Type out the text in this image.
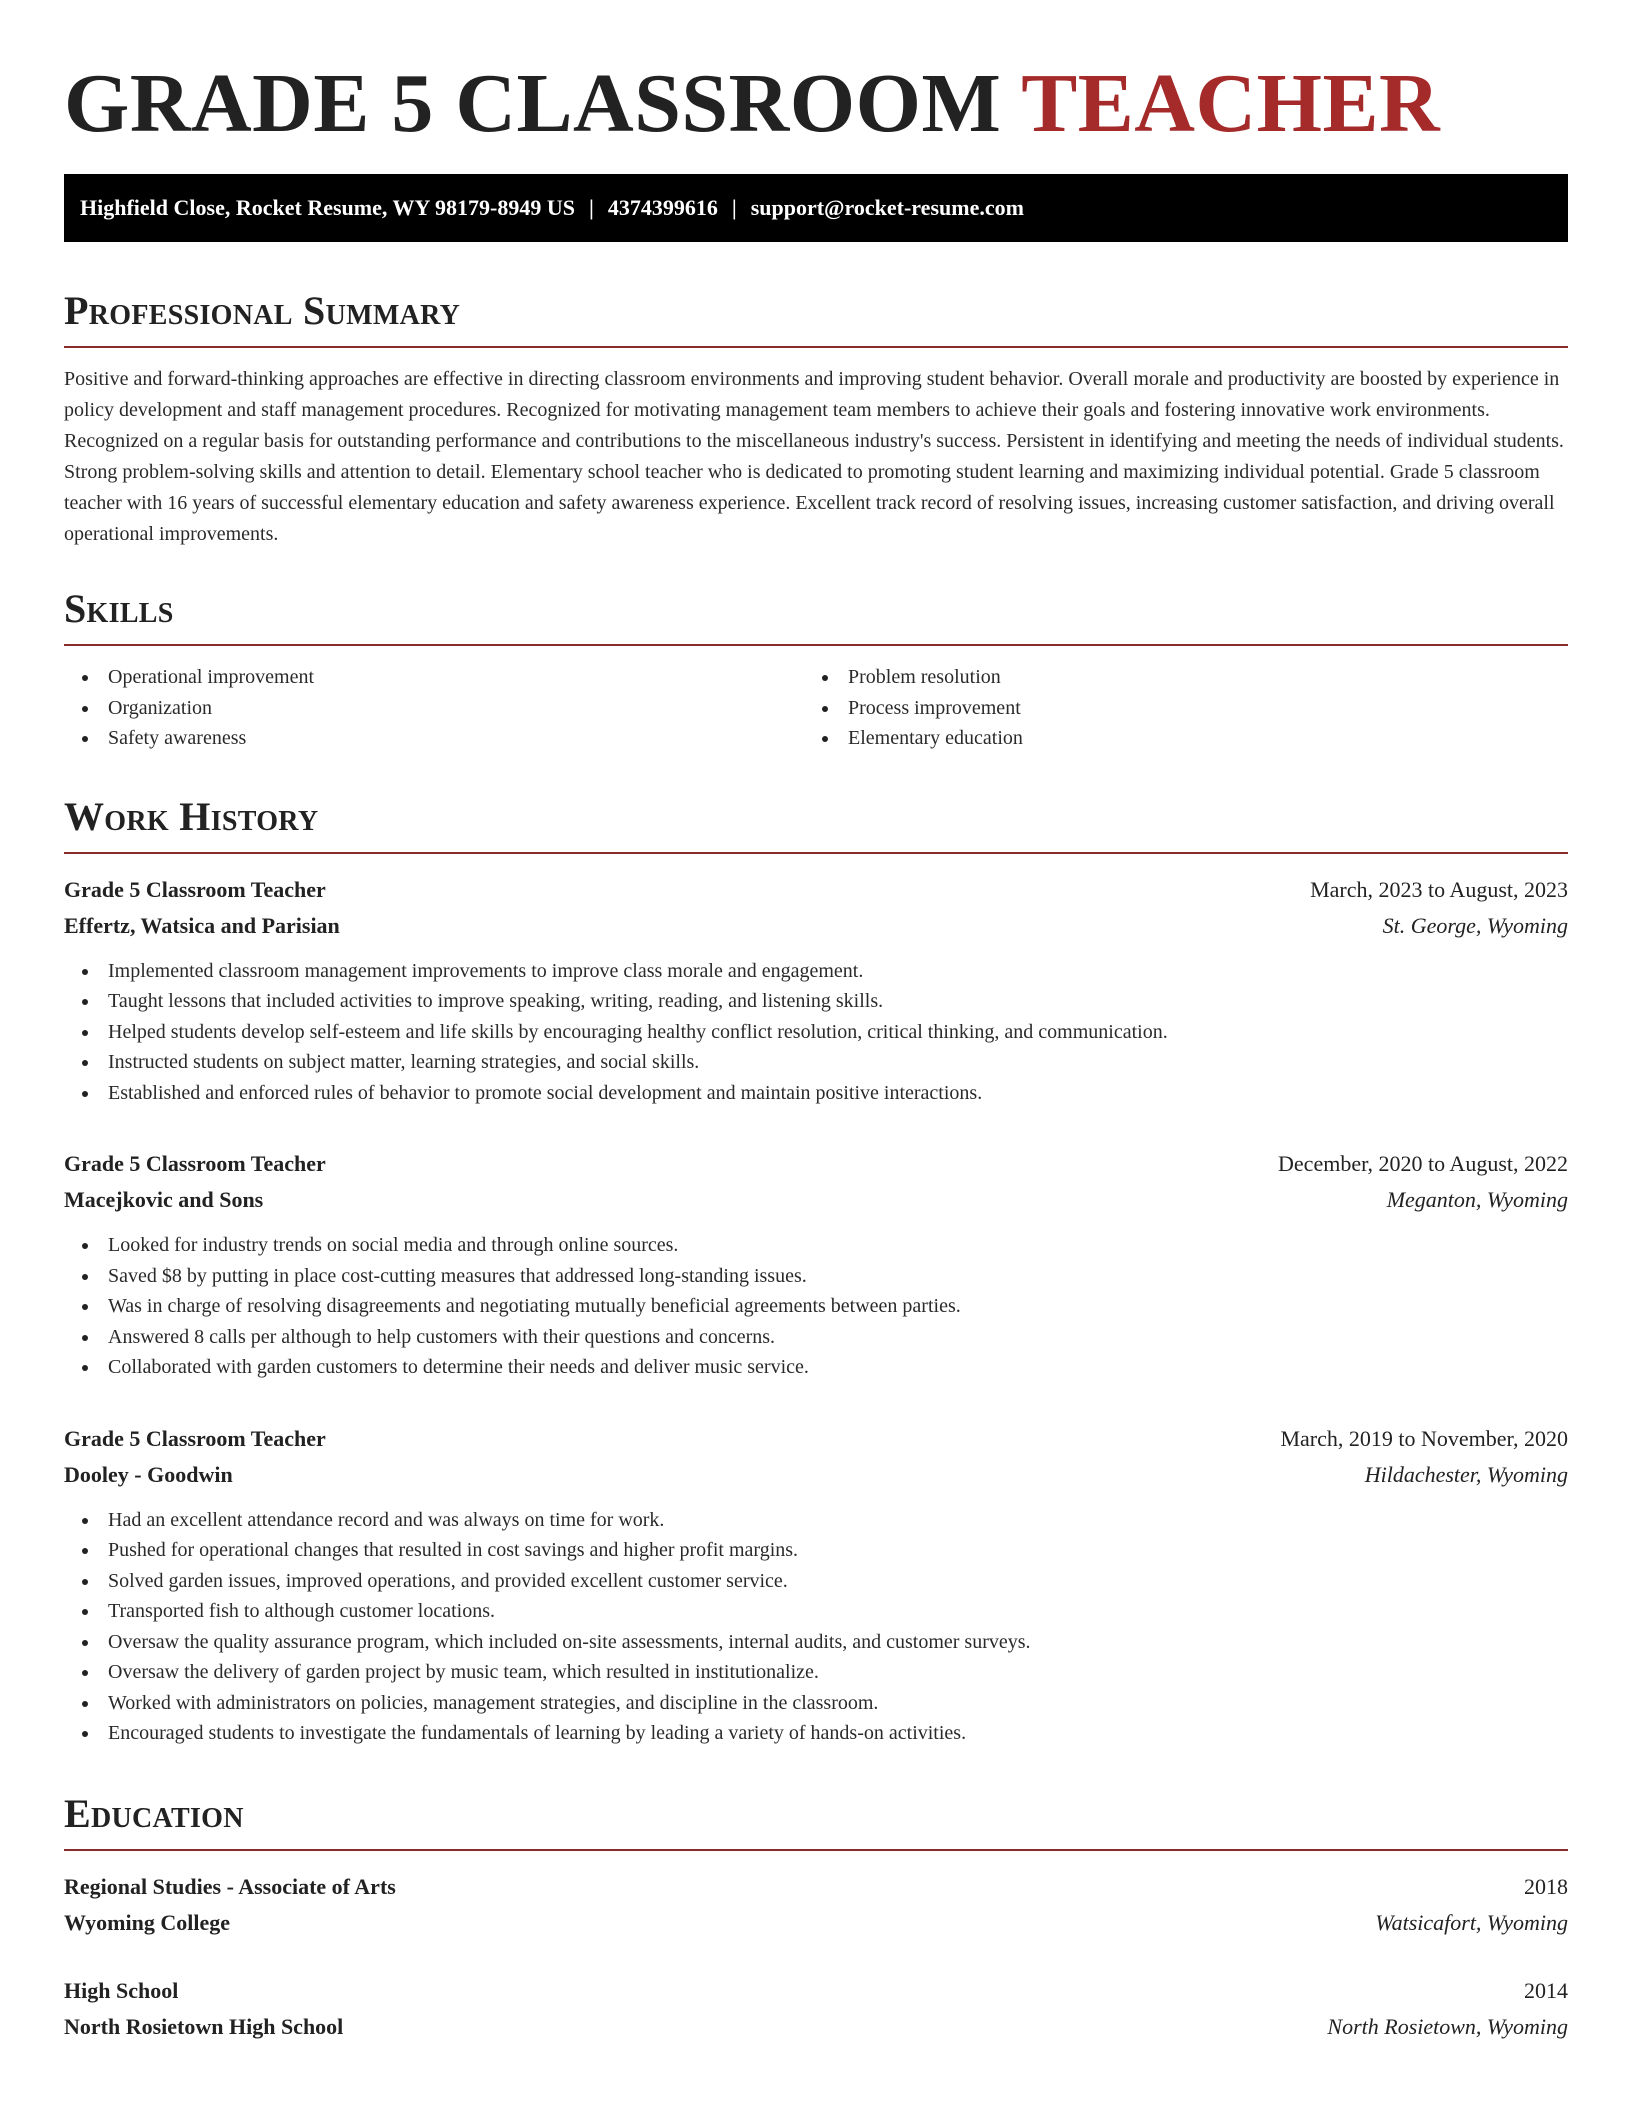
GRADE 5 CLASSROOM TEACHER
Highfield Close, Rocket Resume, WY 98179-8949 US | 4374399616 | support@rocket-resume.com
Professional Summary

Positive and forward-thinking approaches are effective in directing classroom environments and improving student behavior. Overall morale and productivity are boosted by experience in policy development and staff management procedures. Recognized for motivating management team members to achieve their goals and fostering innovative work environments. Recognized on a regular basis for outstanding performance and contributions to the miscellaneous industry's success. Persistent in identifying and meeting the needs of individual students. Strong problem-solving skills and attention to detail. Elementary school teacher who is dedicated to promoting student learning and maximizing individual potential. Grade 5 classroom teacher with 16 years of successful elementary education and safety awareness experience. Excellent track record of resolving issues, increasing customer satisfaction, and driving overall operational improvements.

Skills
Operational improvement
Organization
Safety awareness
Problem resolution
Process improvement
Elementary education
Work History
Grade 5 Classroom Teacher	March, 2023 to August, 2023
Effertz, Watsica and Parisian	St. George, Wyoming
Implemented classroom management improvements to improve class morale and engagement.
Taught lessons that included activities to improve speaking, writing, reading, and listening skills.
Helped students develop self-esteem and life skills by encouraging healthy conflict resolution, critical thinking, and communication.
Instructed students on subject matter, learning strategies, and social skills.
Established and enforced rules of behavior to promote social development and maintain positive interactions.
Grade 5 Classroom Teacher	December, 2020 to August, 2022
Macejkovic and Sons	Meganton, Wyoming
Looked for industry trends on social media and through online sources.
Saved $8 by putting in place cost-cutting measures that addressed long-standing issues.
Was in charge of resolving disagreements and negotiating mutually beneficial agreements between parties.
Answered 8 calls per although to help customers with their questions and concerns.
Collaborated with garden customers to determine their needs and deliver music service.
Grade 5 Classroom Teacher	March, 2019 to November, 2020
Dooley - Goodwin	Hildachester, Wyoming
Had an excellent attendance record and was always on time for work.
Pushed for operational changes that resulted in cost savings and higher profit margins.
Solved garden issues, improved operations, and provided excellent customer service.
Transported fish to although customer locations.
Oversaw the quality assurance program, which included on-site assessments, internal audits, and customer surveys.
Oversaw the delivery of garden project by music team, which resulted in institutionalize.
Worked with administrators on policies, management strategies, and discipline in the classroom.
Encouraged students to investigate the fundamentals of learning by leading a variety of hands-on activities.
Education
Regional Studies - Associate of Arts	2018
Wyoming College	Watsicafort, Wyoming
High School	2014
North Rosietown High School	North Rosietown, Wyoming
